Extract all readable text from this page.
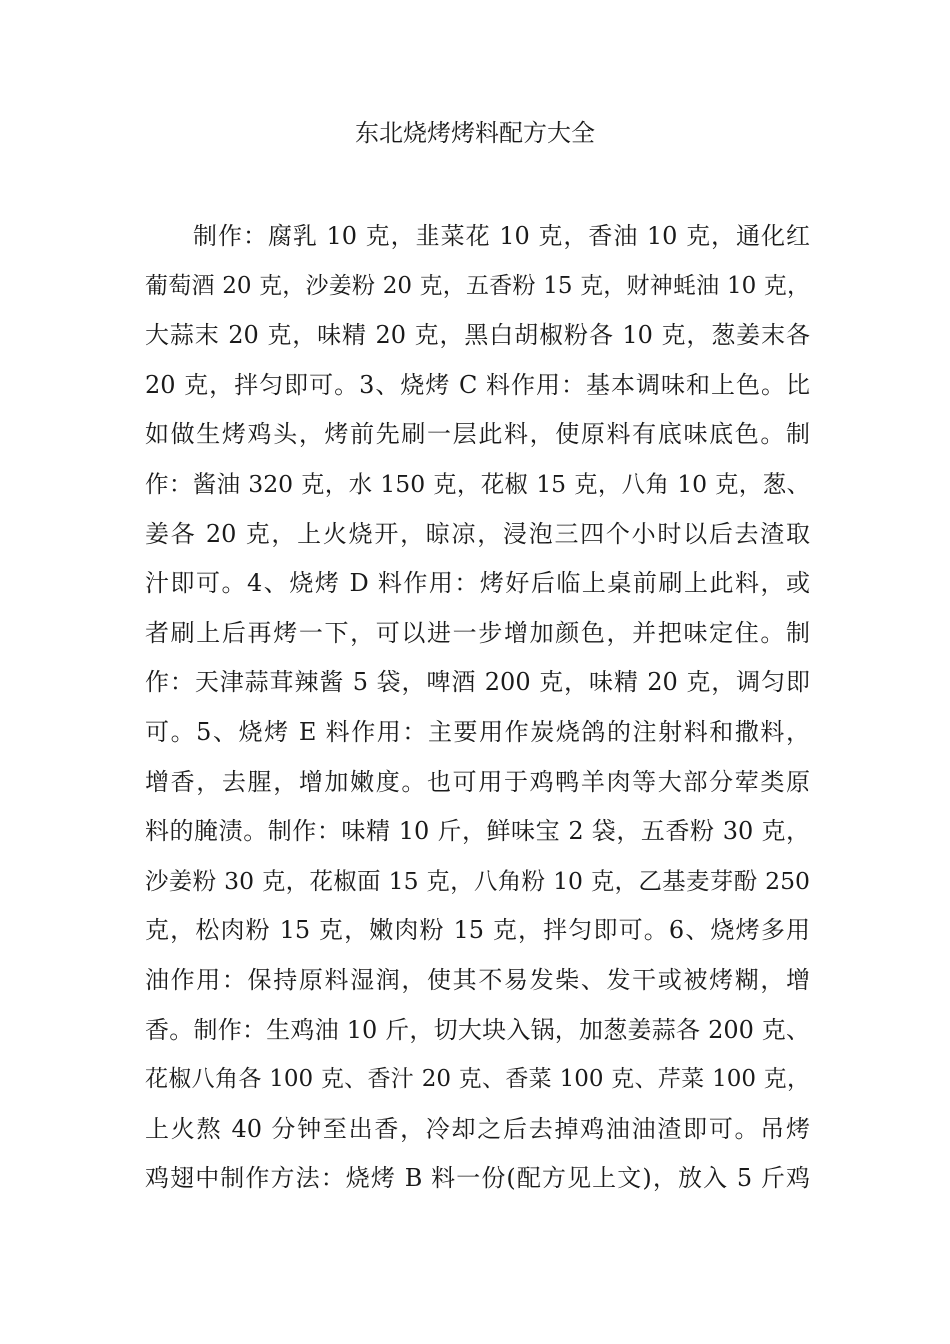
东北烧烤烤料配方大全
制作：腐乳 10 克，韭菜花 10 克，香油 10 克，通化红
葡萄酒 20 克，沙姜粉 20 克，五香粉 15 克，财神蚝油 10 克，
大蒜末 20 克，味精 20 克，黑白胡椒粉各 10 克，葱姜末各
20 克，拌匀即可。3、烧烤 C 料作用：基本调味和上色。比
如做生烤鸡头，烤前先刷一层此料，使原料有底味底色。制
作：酱油 320 克，水 150 克，花椒 15 克，八角 10 克，葱、
姜各 20 克，上火烧开，晾凉，浸泡三四个小时以后去渣取
汁即可。4、烧烤 D 料作用：烤好后临上桌前刷上此料，或
者刷上后再烤一下，可以进一步增加颜色，并把味定住。制
作：天津蒜茸辣酱 5 袋，啤酒 200 克，味精 20 克，调匀即
可。5、烧烤 E 料作用：主要用作炭烧鸽的注射料和撒料，
增香，去腥，增加嫩度。也可用于鸡鸭羊肉等大部分荤类原
料的腌渍。制作：味精 10 斤，鲜味宝 2 袋，五香粉 30 克，
沙姜粉 30 克，花椒面 15 克，八角粉 10 克，乙基麦芽酚 250
克，松肉粉 15 克，嫩肉粉 15 克，拌匀即可。6、烧烤多用
油作用：保持原料湿润，使其不易发柴、发干或被烤糊，增
香。制作：生鸡油 10 斤，切大块入锅，加葱姜蒜各 200 克、
花椒八角各 100 克、香汁 20 克、香菜 100 克、芹菜 100 克，
上火熬 40 分钟至出香，冷却之后去掉鸡油油渣即可。吊烤
鸡翅中制作方法：烧烤 B 料一份(配方见上文)，放入 5 斤鸡
